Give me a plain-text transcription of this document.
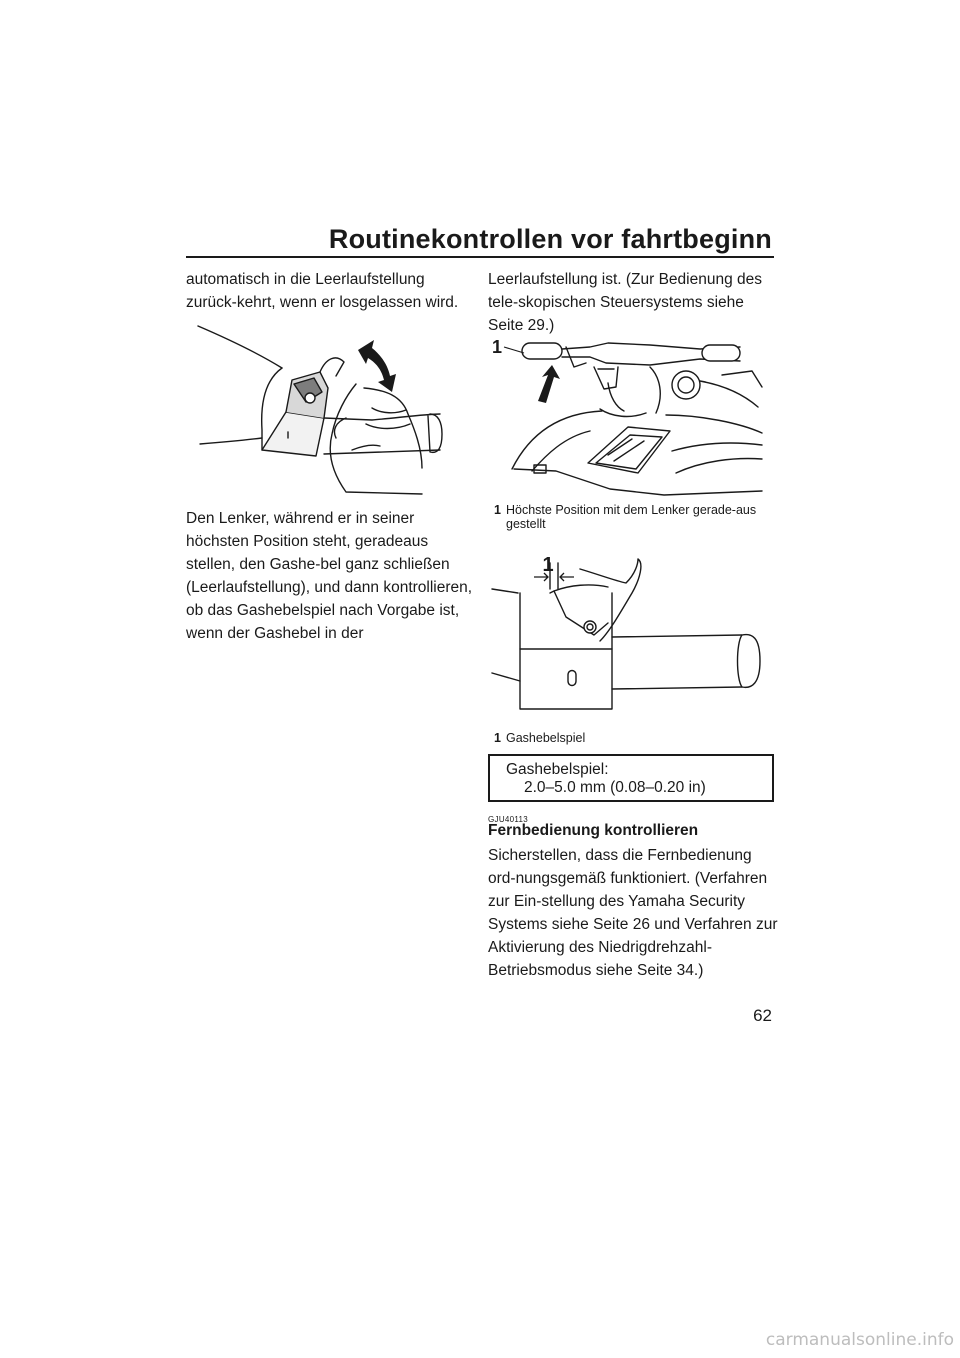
Routinekontrollen vor fahrtbeginn

automatisch in die Leerlaufstellung zurück-kehrt, wenn er losgelassen wird.

Den Lenker, während er in seiner höchsten Position steht, geradeaus stellen, den Gashe-bel ganz schließen (Leerlaufstellung), und dann kontrollieren, ob das Gashebelspiel nach Vorgabe ist, wenn der Gashebel in der

Leerlaufstellung ist. (Zur Bedienung des tele-skopischen Steuersystems siehe Seite 29.)

1
1 Höchste Position mit dem Lenker gerade-aus gestellt
1
1 Gashebelspiel
Gashebelspiel:
2.0–5.0 mm (0.08–0.20 in)
GJU40113
Fernbedienung kontrollieren

Sicherstellen, dass die Fernbedienung ord-nungsgemäß funktioniert. (Verfahren zur Ein-stellung des Yamaha Security Systems siehe Seite 26 und Verfahren zur Aktivierung des Niedrigdrehzahl-Betriebsmodus siehe Seite 34.)

62
carmanualsonline.info
